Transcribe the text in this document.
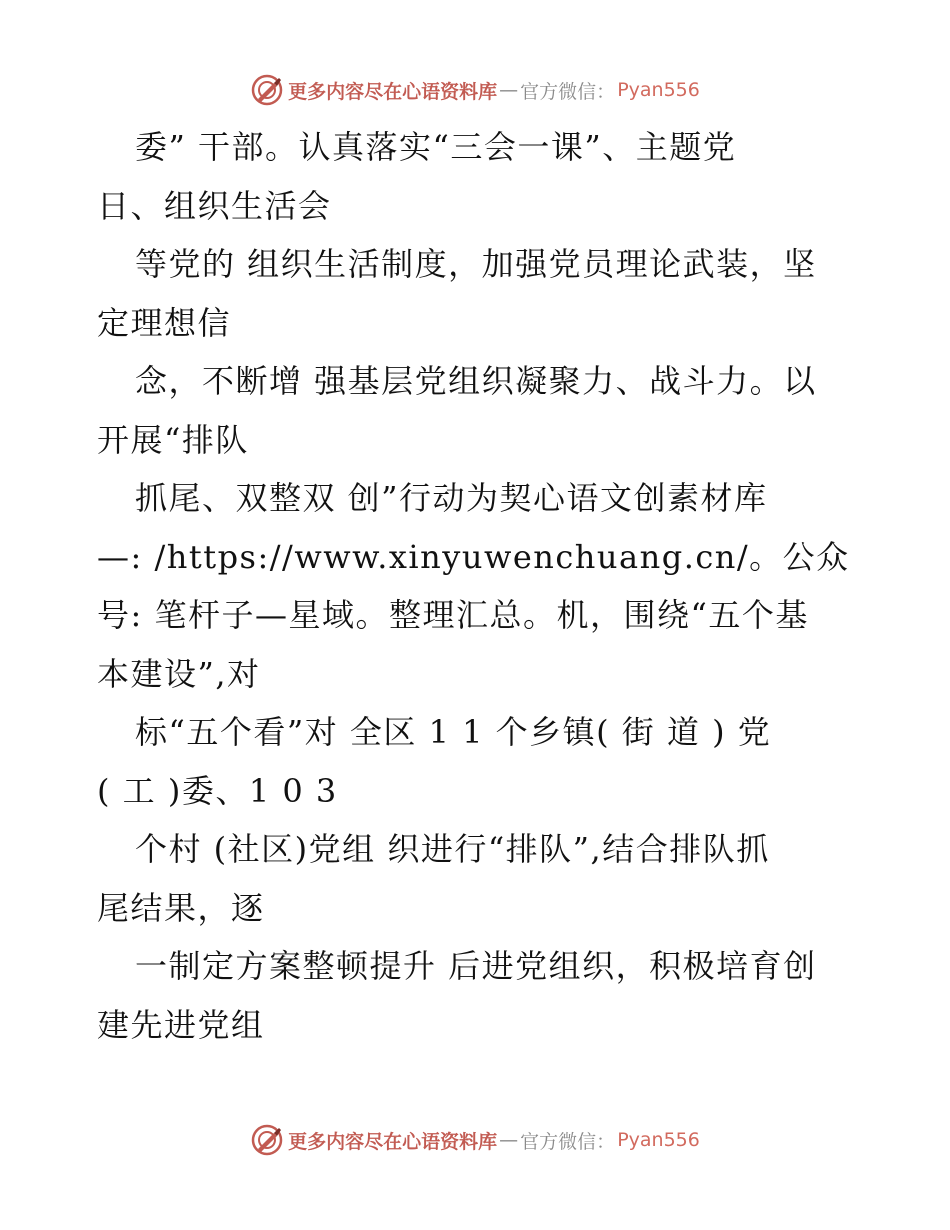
更多内容尽在心语资料库 — 官方微信： Pyan556
委” 干部。认真落实“三会一课”、主题党
日、组织生活会
等党的 组织生活制度，加强党员理论武装，坚
定理想信
念，不断增 强基层党组织凝聚力、战斗力。以
开展“排队
抓尾、双整双 创”行动为契心语文创素材库
—: /https://www.xinyuwenchuang.cn/。公众
号: 笔杆子—星域。整理汇总。机，围绕“五个基
本建设”,对
标“五个看”对 全区 1 1 个乡镇( 街 道 ) 党
( 工 )委、1 0 3
个村 (社区)党组 织进行“排队”,结合排队抓
尾结果，逐
一制定方案整顿提升 后进党组织，积极培育创
建先进党组
更多内容尽在心语资料库 — 官方微信： Pyan556
